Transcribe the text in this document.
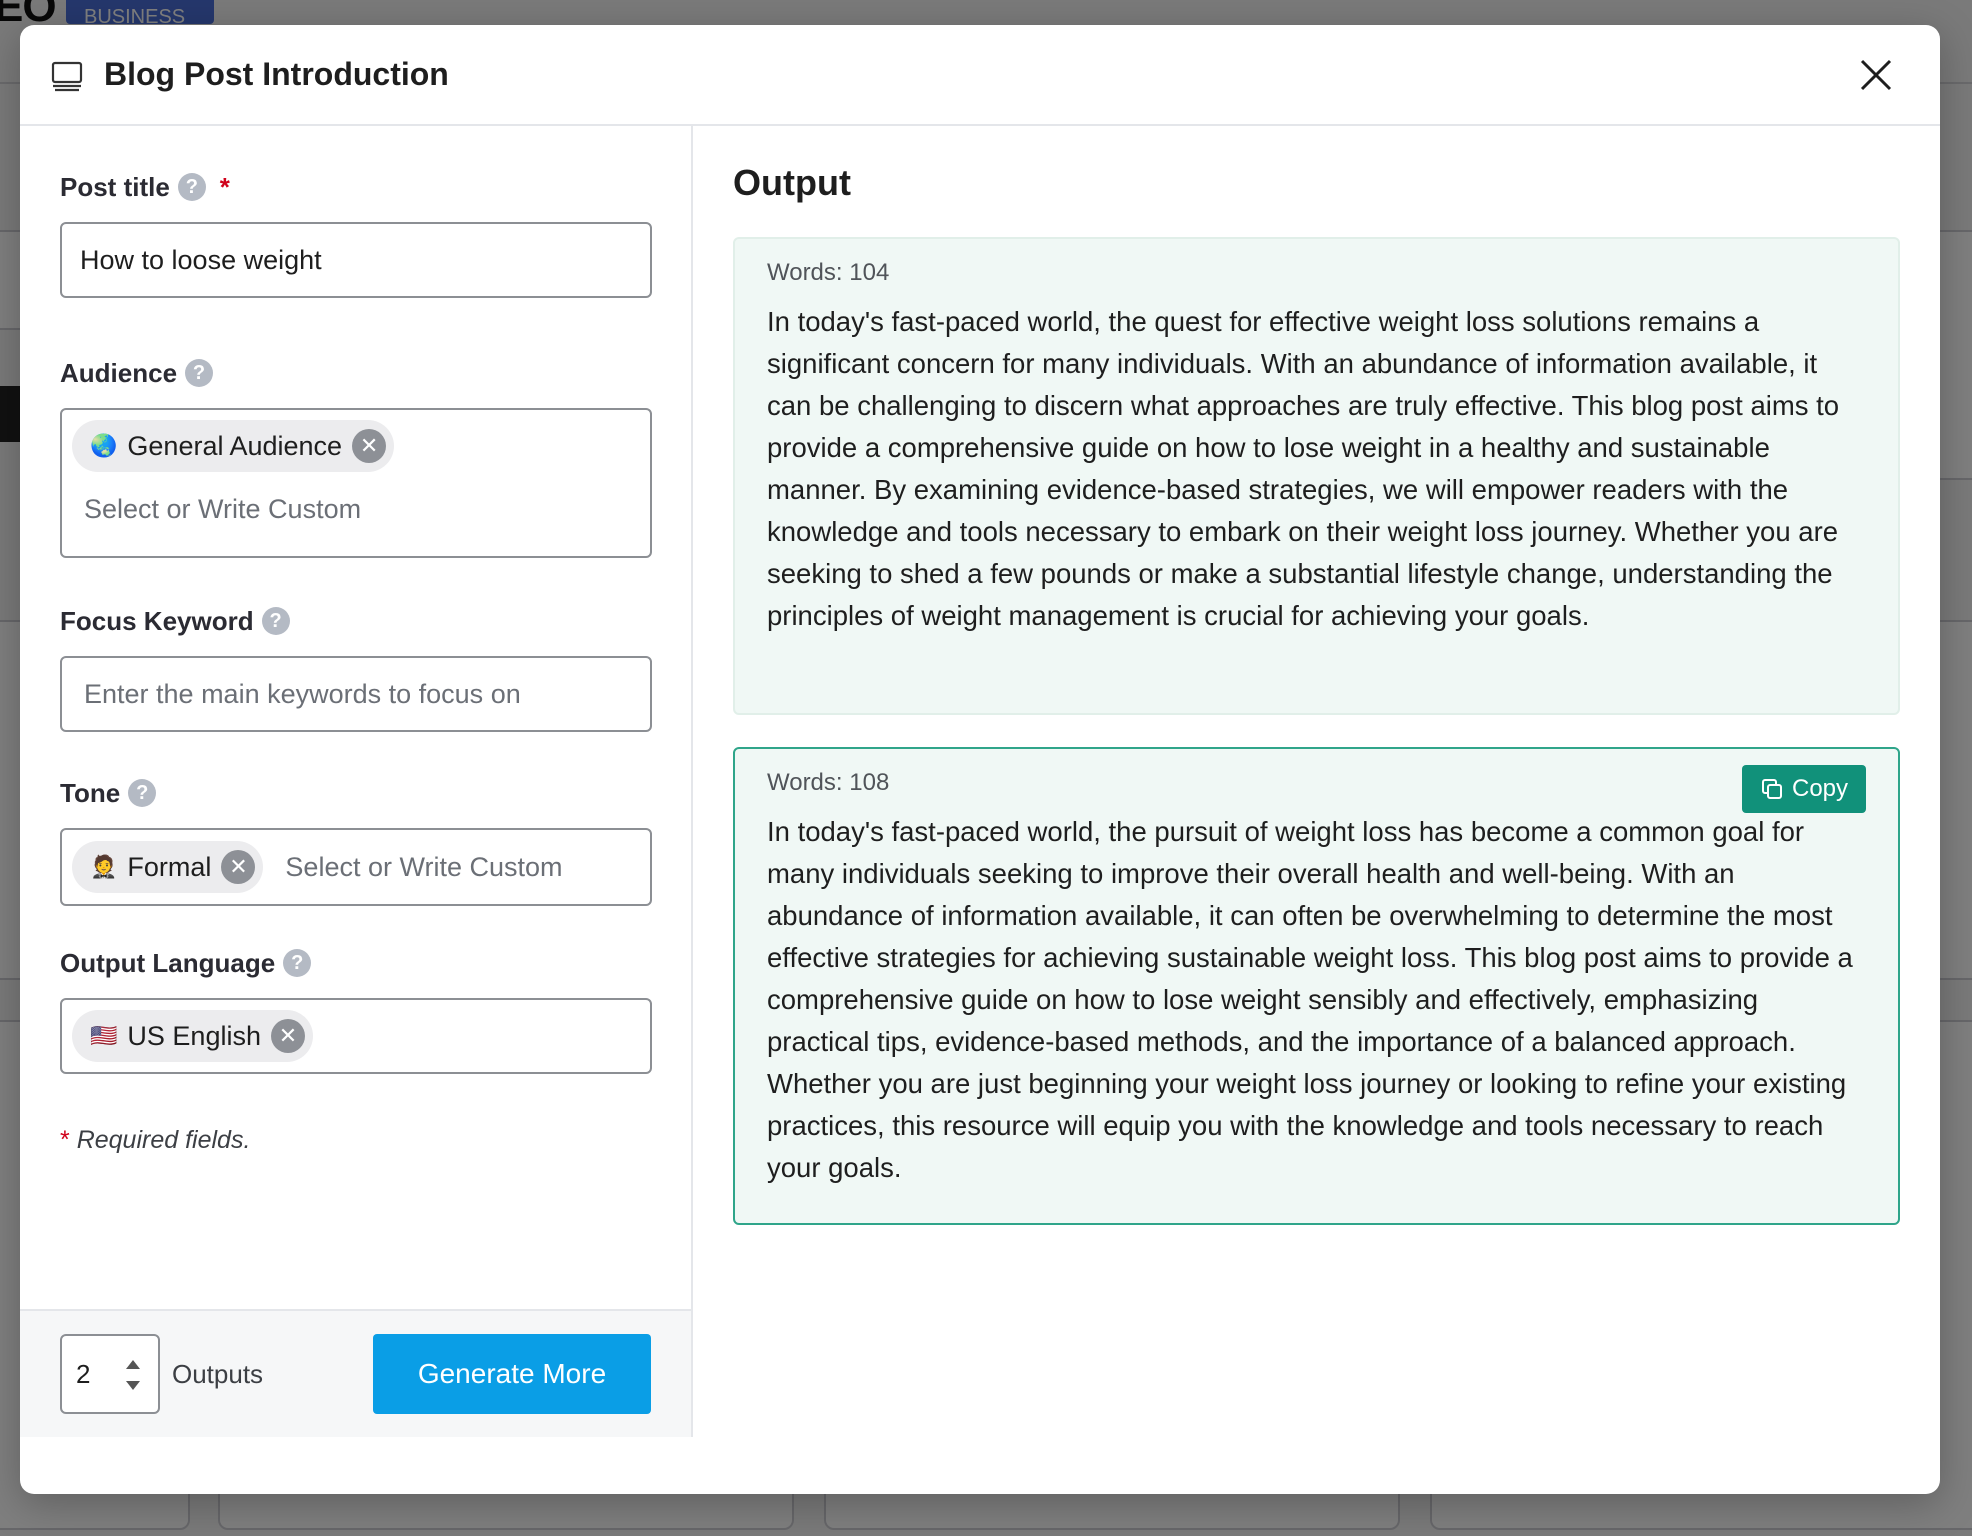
Blog Post Introduction
Post title ? *
How to loose weight
Audience ?
🌏 General Audience ✕
Select or Write Custom
Focus Keyword ?
Enter the main keywords to focus on
Tone ?
🤵 Formal ✕ Select or Write Custom
Output Language ?
🇺🇸 US English ✕
* Required fields.
2	Outputs	Generate More
Output
Words: 104

In today's fast-paced world, the quest for effective weight loss solutions remains a significant concern for many individuals. With an abundance of information available, it can be challenging to discern what approaches are truly effective. This blog post aims to provide a comprehensive guide on how to lose weight in a healthy and sustainable manner. By examining evidence-based strategies, we will empower readers with the knowledge and tools necessary to embark on their weight loss journey. Whether you are seeking to shed a few pounds or make a substantial lifestyle change, understanding the principles of weight management is crucial for achieving your goals.

Words: 108	Copy

In today's fast-paced world, the pursuit of weight loss has become a common goal for many individuals seeking to improve their overall health and well-being. With an abundance of information available, it can often be overwhelming to determine the most effective strategies for achieving sustainable weight loss. This blog post aims to provide a comprehensive guide on how to lose weight sensibly and effectively, emphasizing practical tips, evidence-based methods, and the importance of a balanced approach. Whether you are just beginning your weight loss journey or looking to refine your existing practices, this resource will equip you with the knowledge and tools necessary to reach your goals.
